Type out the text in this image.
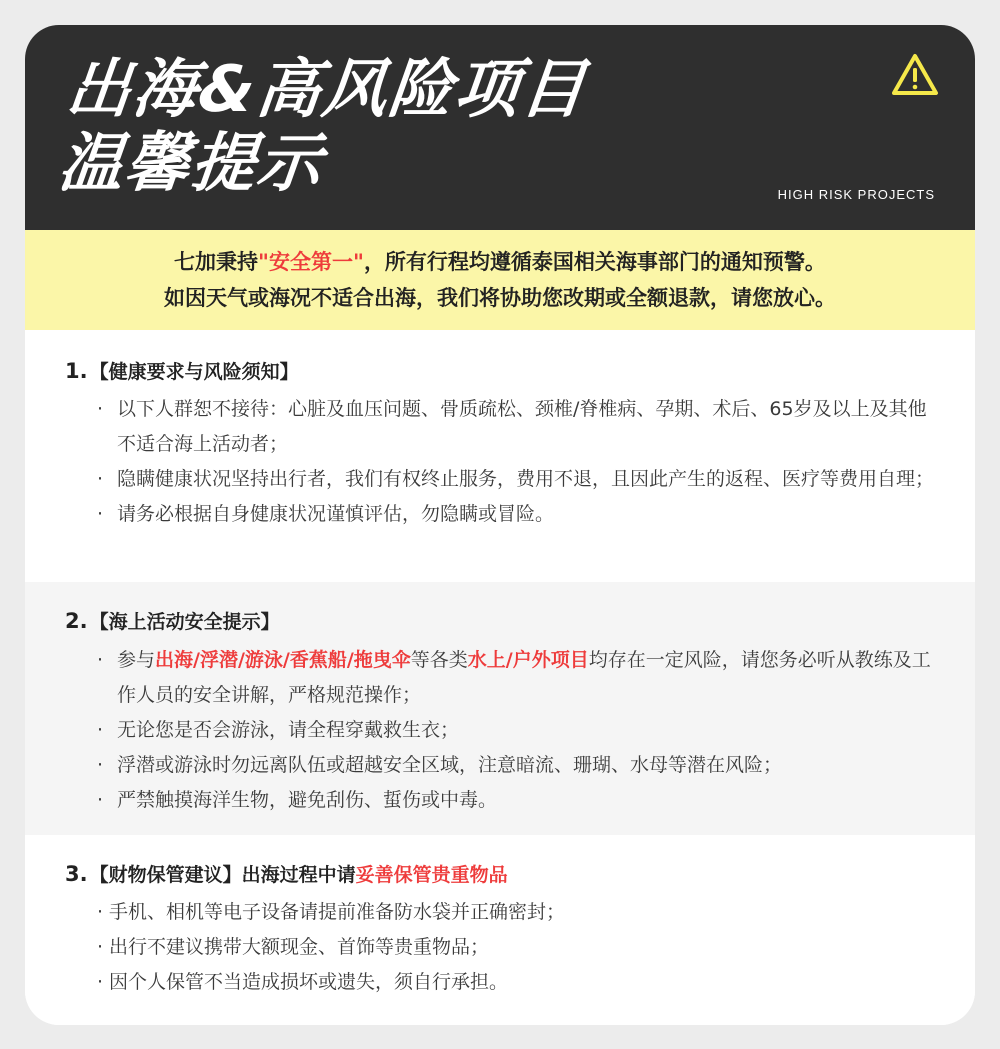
出海&高风险项目
温馨提示	HIGH RISK PROJECTS
七加秉持"安全第一"，所有行程均遵循泰国相关海事部门的通知预警。
如因天气或海况不适合出海，我们将协助您改期或全额退款，请您放心。
1. 【健康要求与风险须知】
· 以下人群恕不接待：心脏及血压问题、骨质疏松、颈椎/脊椎病、孕期、术后、65岁及以上及其他不适合海上活动者；
· 隐瞒健康状况坚持出行者，我们有权终止服务，费用不退，且因此产生的返程、医疗等费用自理；
· 请务必根据自身健康状况谨慎评估，勿隐瞒或冒险。
2. 【海上活动安全提示】
· 参与出海/浮潜/游泳/香蕉船/拖曳伞等各类水上/户外项目均存在一定风险，请您务必听从教练及工作人员的安全讲解，严格规范操作；
· 无论您是否会游泳，请全程穿戴救生衣；
· 浮潜或游泳时勿远离队伍或超越安全区域，注意暗流、珊瑚、水母等潜在风险；
· 严禁触摸海洋生物，避免刮伤、蜇伤或中毒。
3. 【财物保管建议】出海过程中请妥善保管贵重物品
· 手机、相机等电子设备请提前准备防水袋并正确密封；
· 出行不建议携带大额现金、首饰等贵重物品；
· 因个人保管不当造成损坏或遗失，须自行承担。
